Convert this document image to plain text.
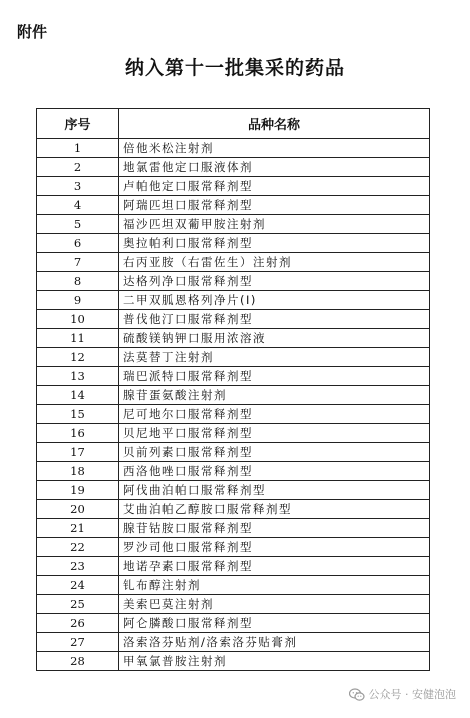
附件
纳入第十一批集采的药品
序号	品种名称
1	倍他米松注射剂
2	地氯雷他定口服液体剂
3	卢帕他定口服常释剂型
4	阿瑞匹坦口服常释剂型
5	福沙匹坦双葡甲胺注射剂
6	奥拉帕利口服常释剂型
7	右丙亚胺（右雷佐生）注射剂
8	达格列净口服常释剂型
9	二甲双胍恩格列净片(I)
10	普伐他汀口服常释剂型
11	硫酸镁钠钾口服用浓溶液
12	法莫替丁注射剂
13	瑞巴派特口服常释剂型
14	腺苷蛋氨酸注射剂
15	尼可地尔口服常释剂型
16	贝尼地平口服常释剂型
17	贝前列素口服常释剂型
18	西洛他唑口服常释剂型
19	阿伐曲泊帕口服常释剂型
20	艾曲泊帕乙醇胺口服常释剂型
21	腺苷钴胺口服常释剂型
22	罗沙司他口服常释剂型
23	地诺孕素口服常释剂型
24	钆布醇注射剂
25	美索巴莫注射剂
26	阿仑膦酸口服常释剂型
27	洛索洛芬贴剂/洛索洛芬贴膏剂
28	甲氧氯普胺注射剂
公众号 · 安健泡泡
